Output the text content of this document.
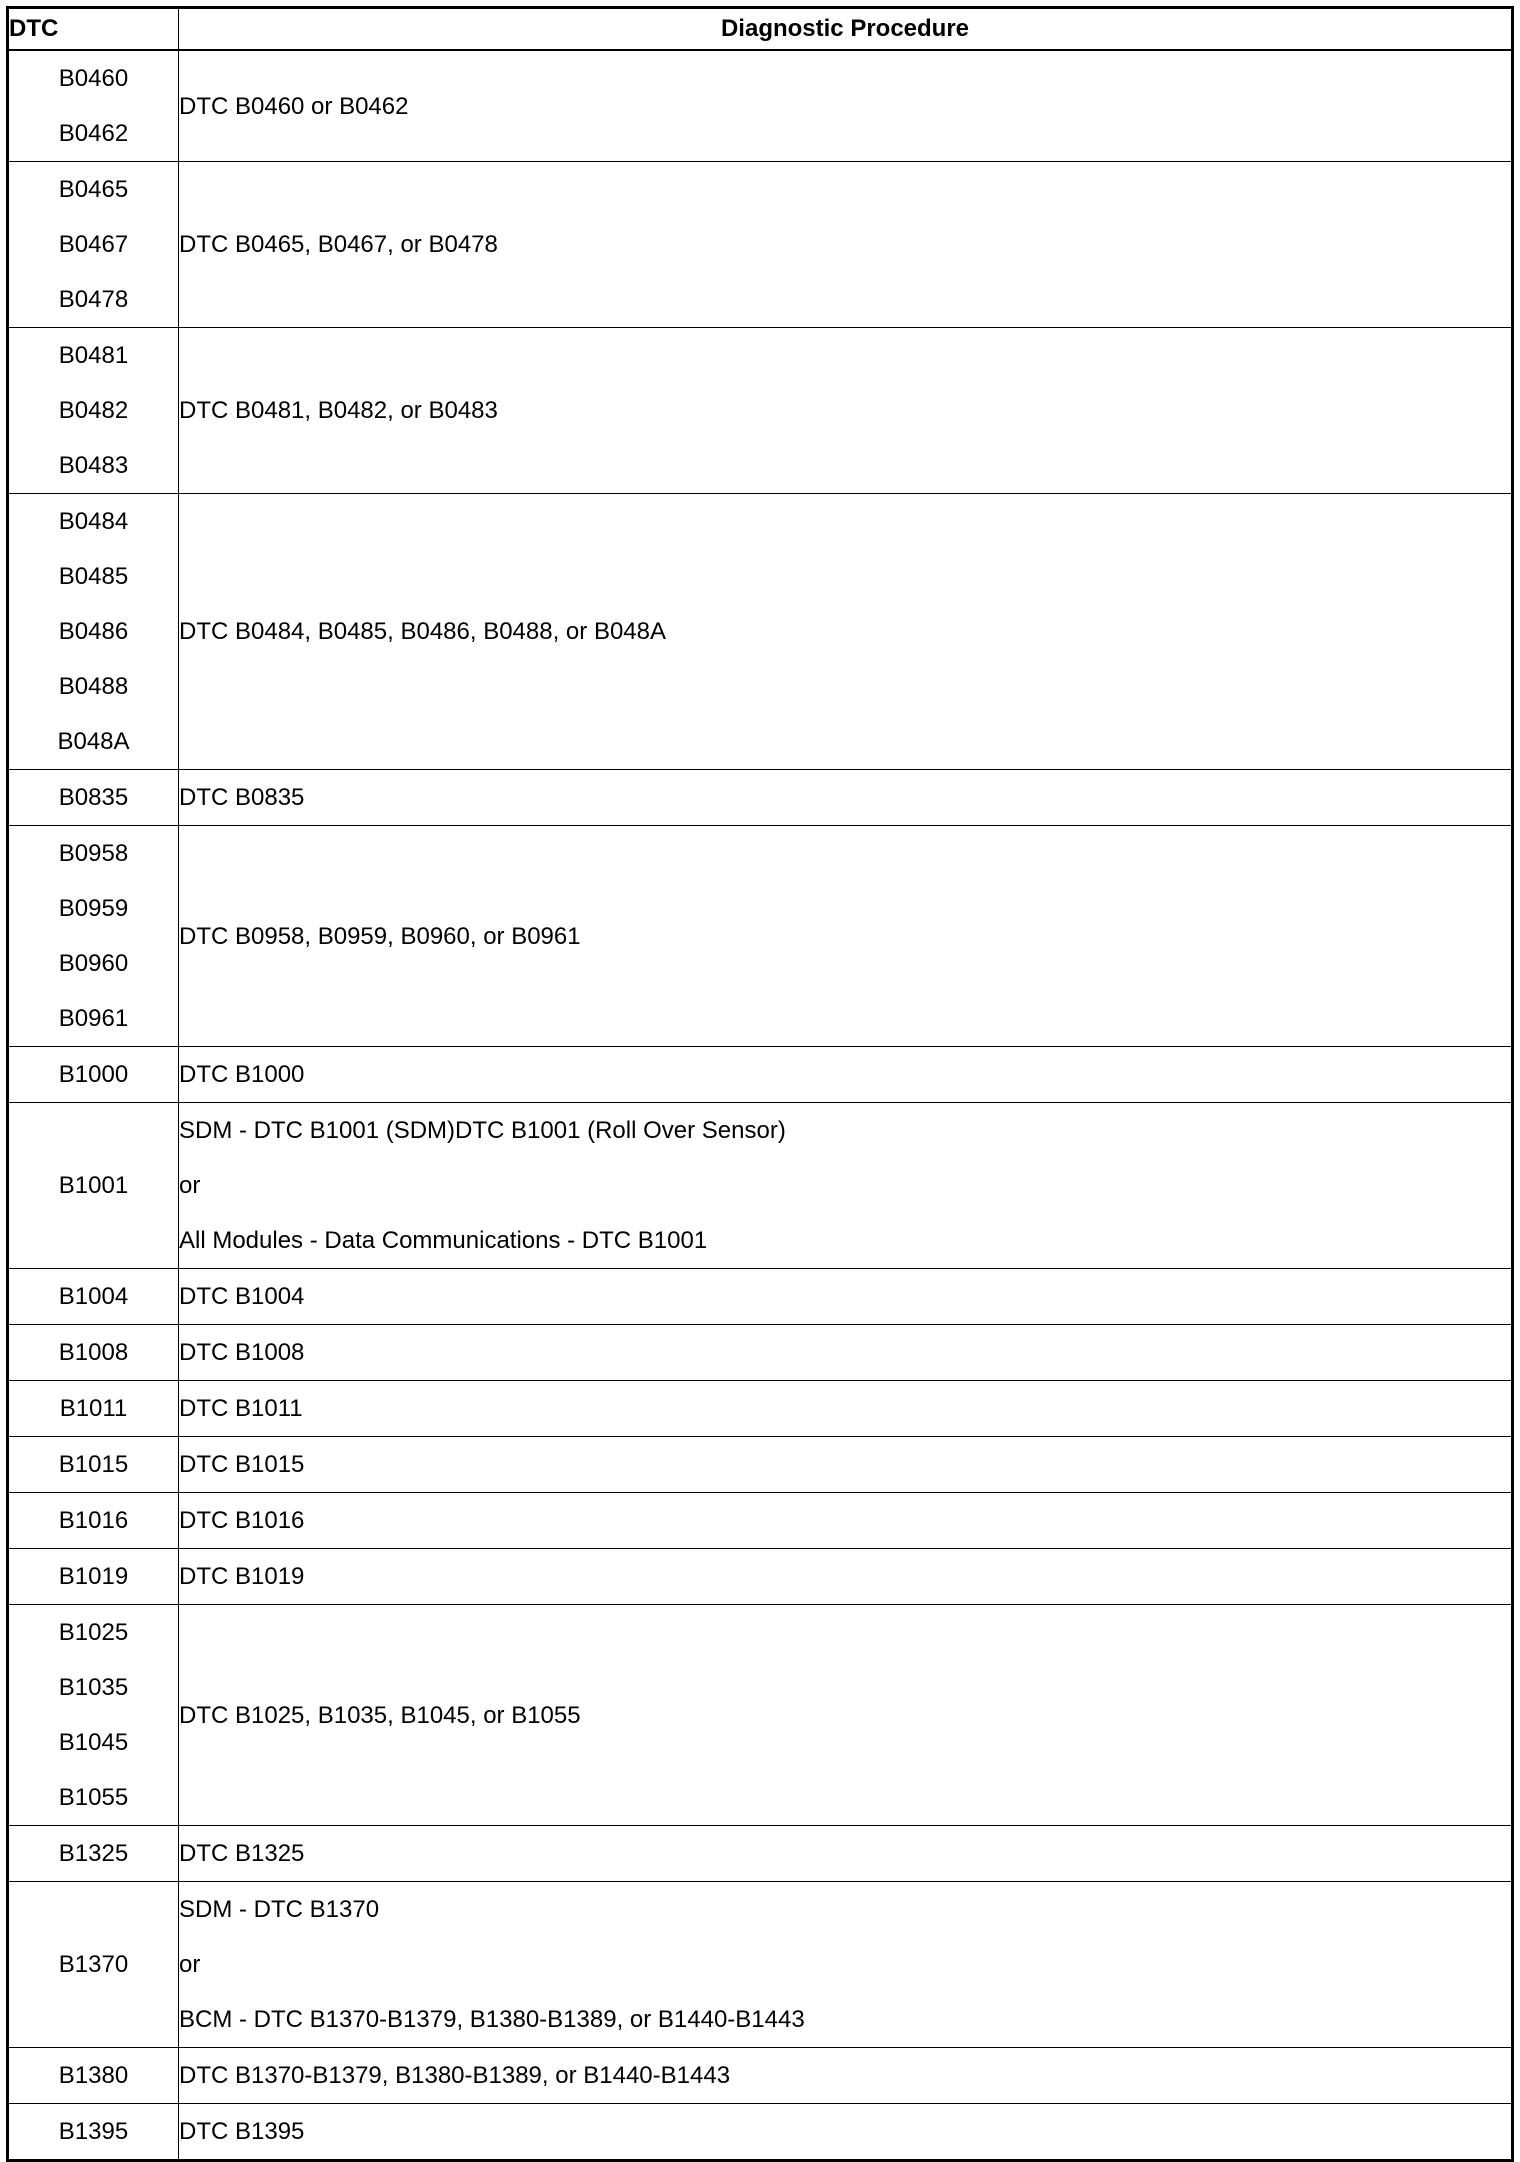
DTC	Diagnostic Procedure

B0460
B0462	DTC B0460 or B0462

B0465
B0467
B0478	DTC B0465, B0467, or B0478

B0481
B0482
B0483	DTC B0481, B0482, or B0483

B0484
B0485
B0486
B0488
B048A	DTC B0484, B0485, B0486, B0488, or B048A

B0835	DTC B0835

B0958
B0959
B0960
B0961	DTC B0958, B0959, B0960, or B0961

B1000	DTC B1000

B1001	SDM - DTC B1001 (SDM)DTC B1001 (Roll Over Sensor)
or
All Modules - Data Communications - DTC B1001

B1004	DTC B1004

B1008	DTC B1008

B1011	DTC B1011

B1015	DTC B1015

B1016	DTC B1016

B1019	DTC B1019

B1025
B1035
B1045
B1055	DTC B1025, B1035, B1045, or B1055

B1325	DTC B1325

B1370	SDM - DTC B1370
or
BCM - DTC B1370-B1379, B1380-B1389, or B1440-B1443

B1380	DTC B1370-B1379, B1380-B1389, or B1440-B1443

B1395	DTC B1395
